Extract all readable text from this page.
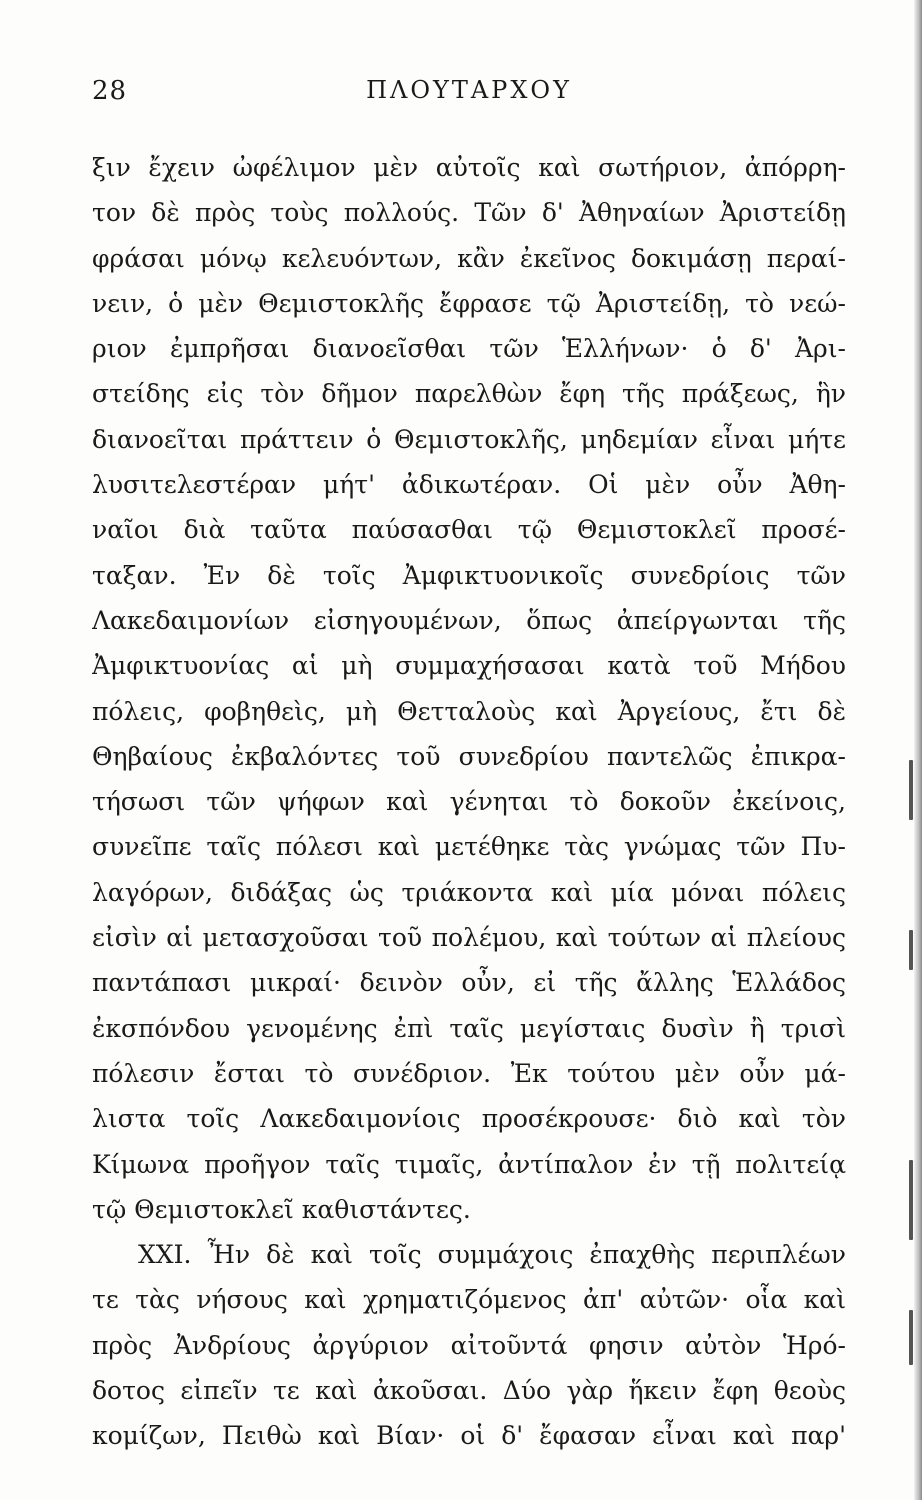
28	ΠΛΟΥΤΑΡΧΟΥ
ξιν ἔχειν ὠφέλιμον μὲν αὐτοῖς καὶ σωτήριον, ἀπόρρη-
τον δὲ πρὸς τοὺς πολλούς. Τῶν δ' Ἀθηναίων Ἀριστείδῃ
φράσαι μόνῳ κελευόντων, κἂν ἐκεῖνος δοκιμάσῃ περαί-
νειν, ὁ μὲν Θεμιστοκλῆς ἔφρασε τῷ Ἀριστείδῃ, τὸ νεώ-
ριον ἐμπρῆσαι διανοεῖσθαι τῶν Ἑλλήνων· ὁ δ' Ἀρι-
στείδης εἰς τὸν δῆμον παρελθὼν ἔφη τῆς πράξεως, ἣν
διανοεῖται πράττειν ὁ Θεμιστοκλῆς, μηδεμίαν εἶναι μήτε
λυσιτελεστέραν μήτ' ἀδικωτέραν. Οἱ μὲν οὖν Ἀθη-
ναῖοι διὰ ταῦτα παύσασθαι τῷ Θεμιστοκλεῖ προσέ-
ταξαν. Ἐν δὲ τοῖς Ἀμφικτυονικοῖς συνεδρίοις τῶν
Λακεδαιμονίων εἰσηγουμένων, ὅπως ἀπείργωνται τῆς
Ἀμφικτυονίας αἱ μὴ συμμαχήσασαι κατὰ τοῦ Μήδου
πόλεις, φοβηθεὶς, μὴ Θετταλοὺς καὶ Ἀργείους, ἔτι δὲ
Θηβαίους ἐκβαλόντες τοῦ συνεδρίου παντελῶς ἐπικρα-
τήσωσι τῶν ψήφων καὶ γένηται τὸ δοκοῦν ἐκείνοις,
συνεῖπε ταῖς πόλεσι καὶ μετέθηκε τὰς γνώμας τῶν Πυ-
λαγόρων, διδάξας ὡς τριάκοντα καὶ μία μόναι πόλεις
εἰσὶν αἱ μετασχοῦσαι τοῦ πολέμου, καὶ τούτων αἱ πλείους
παντάπασι μικραί· δεινὸν οὖν, εἰ τῆς ἄλλης Ἑλλάδος
ἐκσπόνδου γενομένης ἐπὶ ταῖς μεγίσταις δυσὶν ἢ τρισὶ
πόλεσιν ἔσται τὸ συνέδριον. Ἐκ τούτου μὲν οὖν μά-
λιστα τοῖς Λακεδαιμονίοις προσέκρουσε· διὸ καὶ τὸν
Κίμωνα προῆγον ταῖς τιμαῖς, ἀντίπαλον ἐν τῇ πολιτείᾳ
τῷ Θεμιστοκλεῖ καθιστάντες.
XXI. Ἦν δὲ καὶ τοῖς συμμάχοις ἐπαχθὴς περιπλέων
τε τὰς νήσους καὶ χρηματιζόμενος ἀπ' αὐτῶν· οἷα καὶ
πρὸς Ἀνδρίους ἀργύριον αἰτοῦντά φησιν αὐτὸν Ἡρό-
δοτος εἰπεῖν τε καὶ ἀκοῦσαι. Δύο γὰρ ἥκειν ἔφη θεοὺς
κομίζων, Πειθὼ καὶ Βίαν· οἱ δ' ἔφασαν εἶναι καὶ παρ'
